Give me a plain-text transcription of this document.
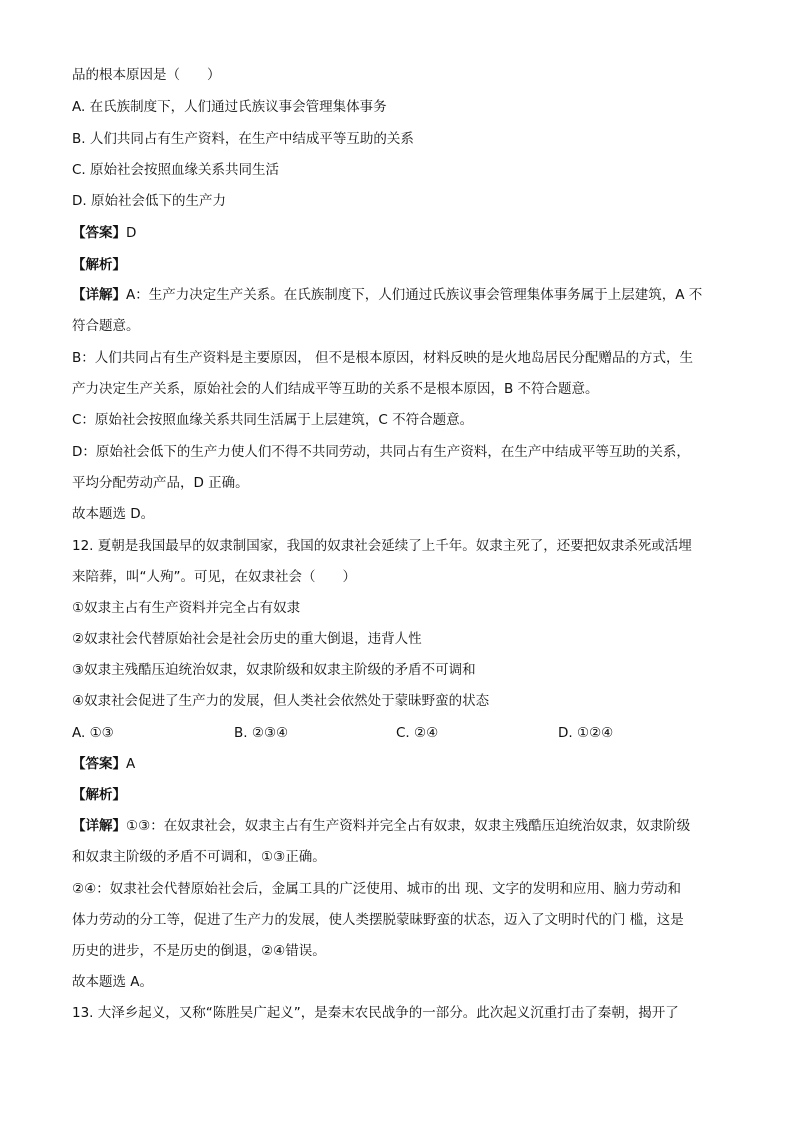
品的根本原因是（　　）
A. 在氏族制度下，人们通过氏族议事会管理集体事务
B. 人们共同占有生产资料，在生产中结成平等互助的关系
C. 原始社会按照血缘关系共同生活
D. 原始社会低下的生产力
【答案】D
【解析】
【详解】A：生产力决定生产关系。在氏族制度下，人们通过氏族议事会管理集体事务属于上层建筑，A 不
符合题意。
B：人们共同占有生产资料是主要原因， 但不是根本原因，材料反映的是火地岛居民分配赠品的方式，生
产力决定生产关系，原始社会的人们结成平等互助的关系不是根本原因，B 不符合题意。
C：原始社会按照血缘关系共同生活属于上层建筑，C 不符合题意。
D：原始社会低下的生产力使人们不得不共同劳动，共同占有生产资料，在生产中结成平等互助的关系，
平均分配劳动产品，D 正确。
故本题选 D。
12. 夏朝是我国最早的奴隶制国家，我国的奴隶社会延续了上千年。奴隶主死了，还要把奴隶杀死或活埋
来陪葬，叫“人殉”。可见，在奴隶社会（　　）
①奴隶主占有生产资料并完全占有奴隶
②奴隶社会代替原始社会是社会历史的重大倒退，违背人性
③奴隶主残酷压迫统治奴隶，奴隶阶级和奴隶主阶级的矛盾不可调和
④奴隶社会促进了生产力的发展，但人类社会依然处于蒙昧野蛮的状态
A. ①③	B. ②③④	C. ②④	D. ①②④
【答案】A
【解析】
【详解】①③：在奴隶社会，奴隶主占有生产资料并完全占有奴隶，奴隶主残酷压迫统治奴隶，奴隶阶级
和奴隶主阶级的矛盾不可调和，①③正确。
②④：奴隶社会代替原始社会后，金属工具的广泛使用、城市的出 现、文字的发明和应用、脑力劳动和
体力劳动的分工等，促进了生产力的发展，使人类摆脱蒙昧野蛮的状态，迈入了文明时代的门 槛，这是
历史的进步，不是历史的倒退，②④错误。
故本题选 A。
13. 大泽乡起义，又称“陈胜吴广起义”，是秦末农民战争的一部分。此次起义沉重打击了秦朝，揭开了
